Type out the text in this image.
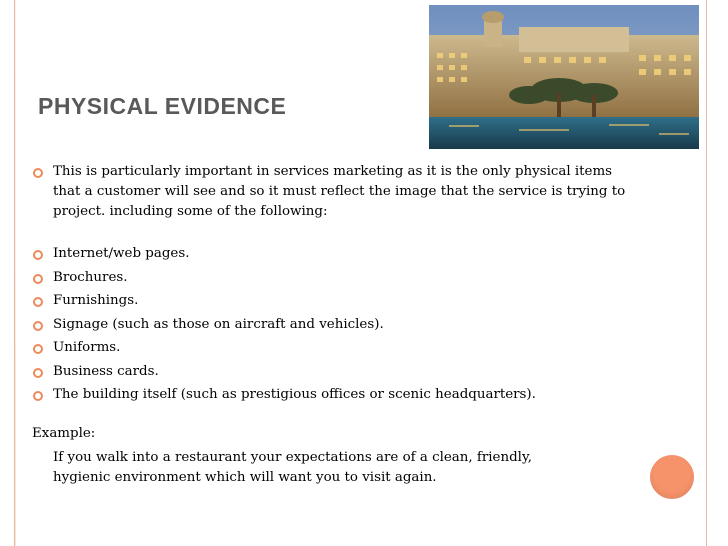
PHYSICAL EVIDENCE
This is particularly important in services marketing as it is the only physical items that a customer will see and so it must reflect the image that the service is trying to project. including some of the following:
Internet/web pages.
Brochures.
Furnishings.
Signage (such as those on aircraft and vehicles).
Uniforms.
Business cards.
The building itself (such as prestigious offices or scenic headquarters).
Example:
If you walk into a restaurant your expectations are of a clean, friendly, hygienic environment which will want you to visit again.
